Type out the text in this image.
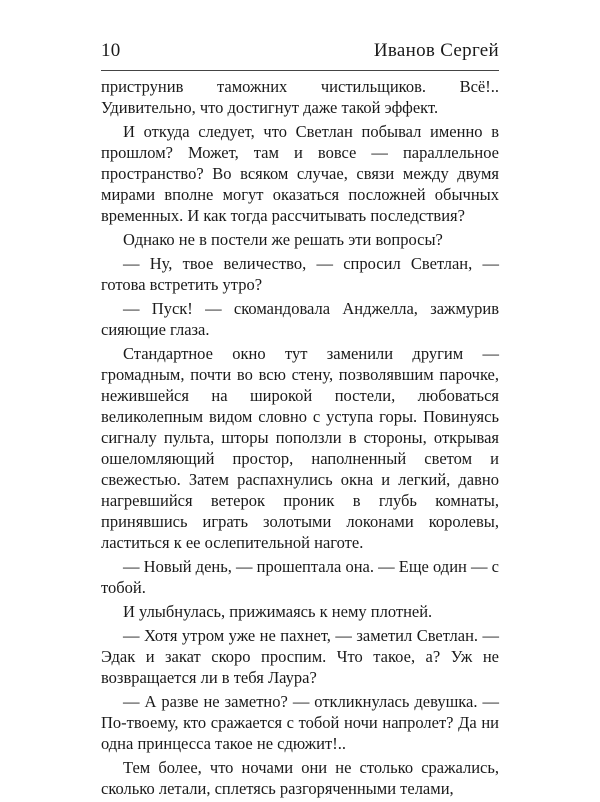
10	Иванов Сергей

приструнив таможних чистильщиков. Всё!.. Удивительно, что достигнут даже такой эффект.

И откуда следует, что Светлан побывал именно в прошлом? Может, там и вовсе — параллельное пространство? Во всяком случае, связи между двумя мирами вполне могут оказаться посложней обычных временных. И как тогда рассчитывать последствия?

Однако не в постели же решать эти вопросы?

— Ну, твое величество, — спросил Светлан, — готова встретить утро?

— Пуск! — скомандовала Анджелла, зажмурив сияющие глаза.

Стандартное окно тут заменили другим — громадным, почти во всю стену, позволявшим парочке, нежившейся на широкой постели, любоваться великолепным видом словно с уступа горы. Повинуясь сигналу пульта, шторы поползли в стороны, открывая ошеломляющий простор, наполненный светом и свежестью. Затем распахнулись окна и легкий, давно нагревшийся ветерок проник в глубь комнаты, принявшись играть золотыми локонами королевы, ластиться к ее ослепительной наготе.

— Новый день, — прошептала она. — Еще один — с тобой.

И улыбнулась, прижимаясь к нему плотней.

— Хотя утром уже не пахнет, — заметил Светлан. — Эдак и закат скоро проспим. Что такое, а? Уж не возвращается ли в тебя Лаура?

— А разве не заметно? — откликнулась девушка. — По-твоему, кто сражается с тобой ночи напролет? Да ни одна принцесса такое не сдюжит!..

Тем более, что ночами они не столько сражались, сколько летали, сплетясь разгоряченными телами,
